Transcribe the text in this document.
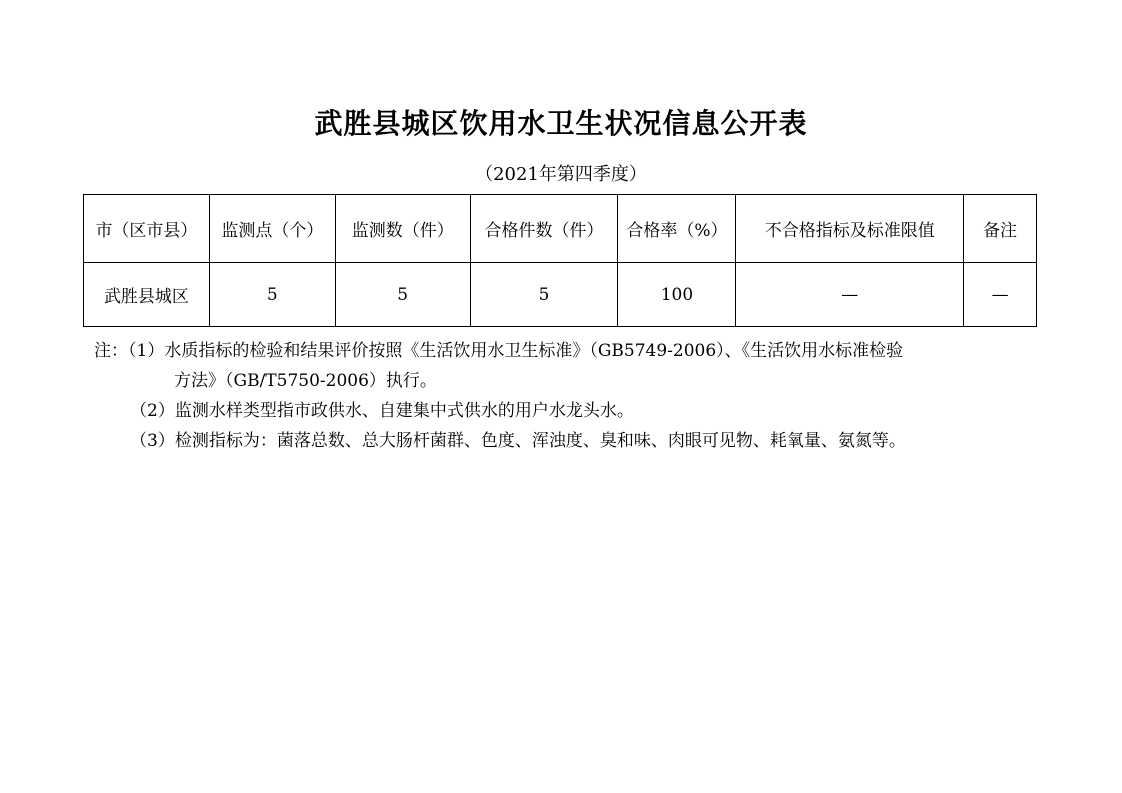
武胜县城区饮用水卫生状况信息公开表
（2021年第四季度）
市（区市县）	监测点（个）	监测数（件）	合格件数（件）	合格率（%）	不合格指标及标准限值	备注
武胜县城区	5	5	5	100	—	—
注：（1）水质指标的检验和结果评价按照《生活饮用水卫生标准》（GB5749-2006）、《生活饮用水标准检验
方法》（GB/T5750-2006）执行。
（2）监测水样类型指市政供水、自建集中式供水的用户水龙头水。
（3）检测指标为：菌落总数、总大肠杆菌群、色度、浑浊度、臭和味、肉眼可见物、耗氧量、氨氮等。
